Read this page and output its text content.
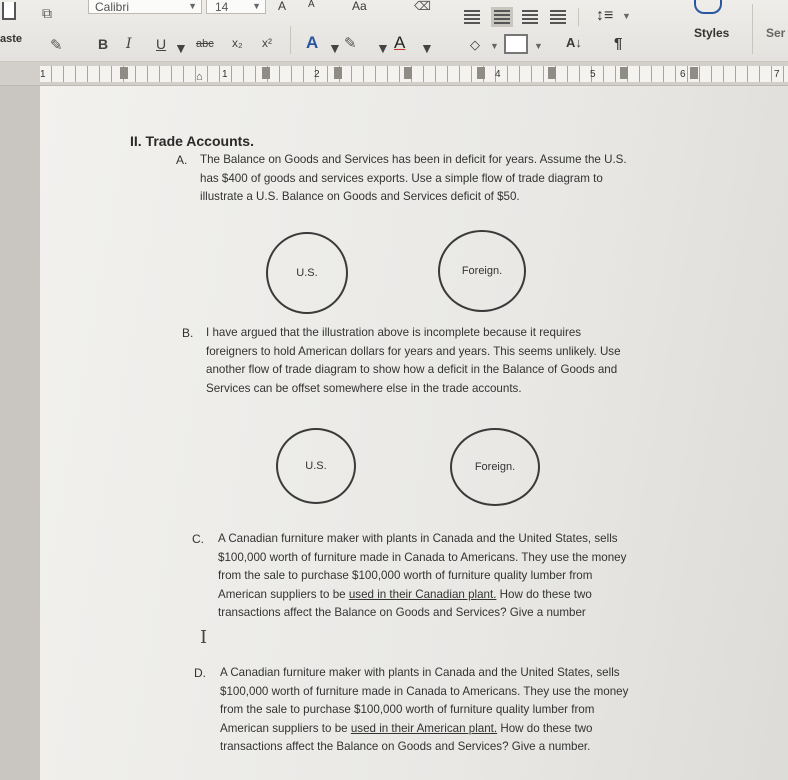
aste
⧉
✎
Calibri	▼	14	▼ A A	Aa	⌫
B I U ▼ abc x₂ x² A ▼ ✎ ▼ A ▼
↕≡ ▼
◇ ▼	▼ A↓ ¶
Styles	Ser
1	1	2	4	5	6	7
⌂
II. Trade Accounts.
A. The Balance on Goods and Services has been in deficit for years. Assume the U.S.
has $400 of goods and services exports. Use a simple flow of trade diagram to
illustrate a U.S. Balance on Goods and Services deficit of $50.
U.S.	Foreign.
B. I have argued that the illustration above is incomplete because it requires
foreigners to hold American dollars for years and years. This seems unlikely. Use
another flow of trade diagram to show how a deficit in the Balance of Goods and
Services can be offset somewhere else in the trade accounts.
U.S.	Foreign.
C. A Canadian furniture maker with plants in Canada and the United States, sells
$100,000 worth of furniture made in Canada to Americans. They use the money
from the sale to purchase $100,000 worth of furniture quality lumber from
American suppliers to be used in their Canadian plant. How do these two
transactions affect the Balance on Goods and Services? Give a number
I
D. A Canadian furniture maker with plants in Canada and the United States, sells
$100,000 worth of furniture made in Canada to Americans. They use the money
from the sale to purchase $100,000 worth of furniture quality lumber from
American suppliers to be used in their American plant. How do these two
transactions affect the Balance on Goods and Services? Give a number.
